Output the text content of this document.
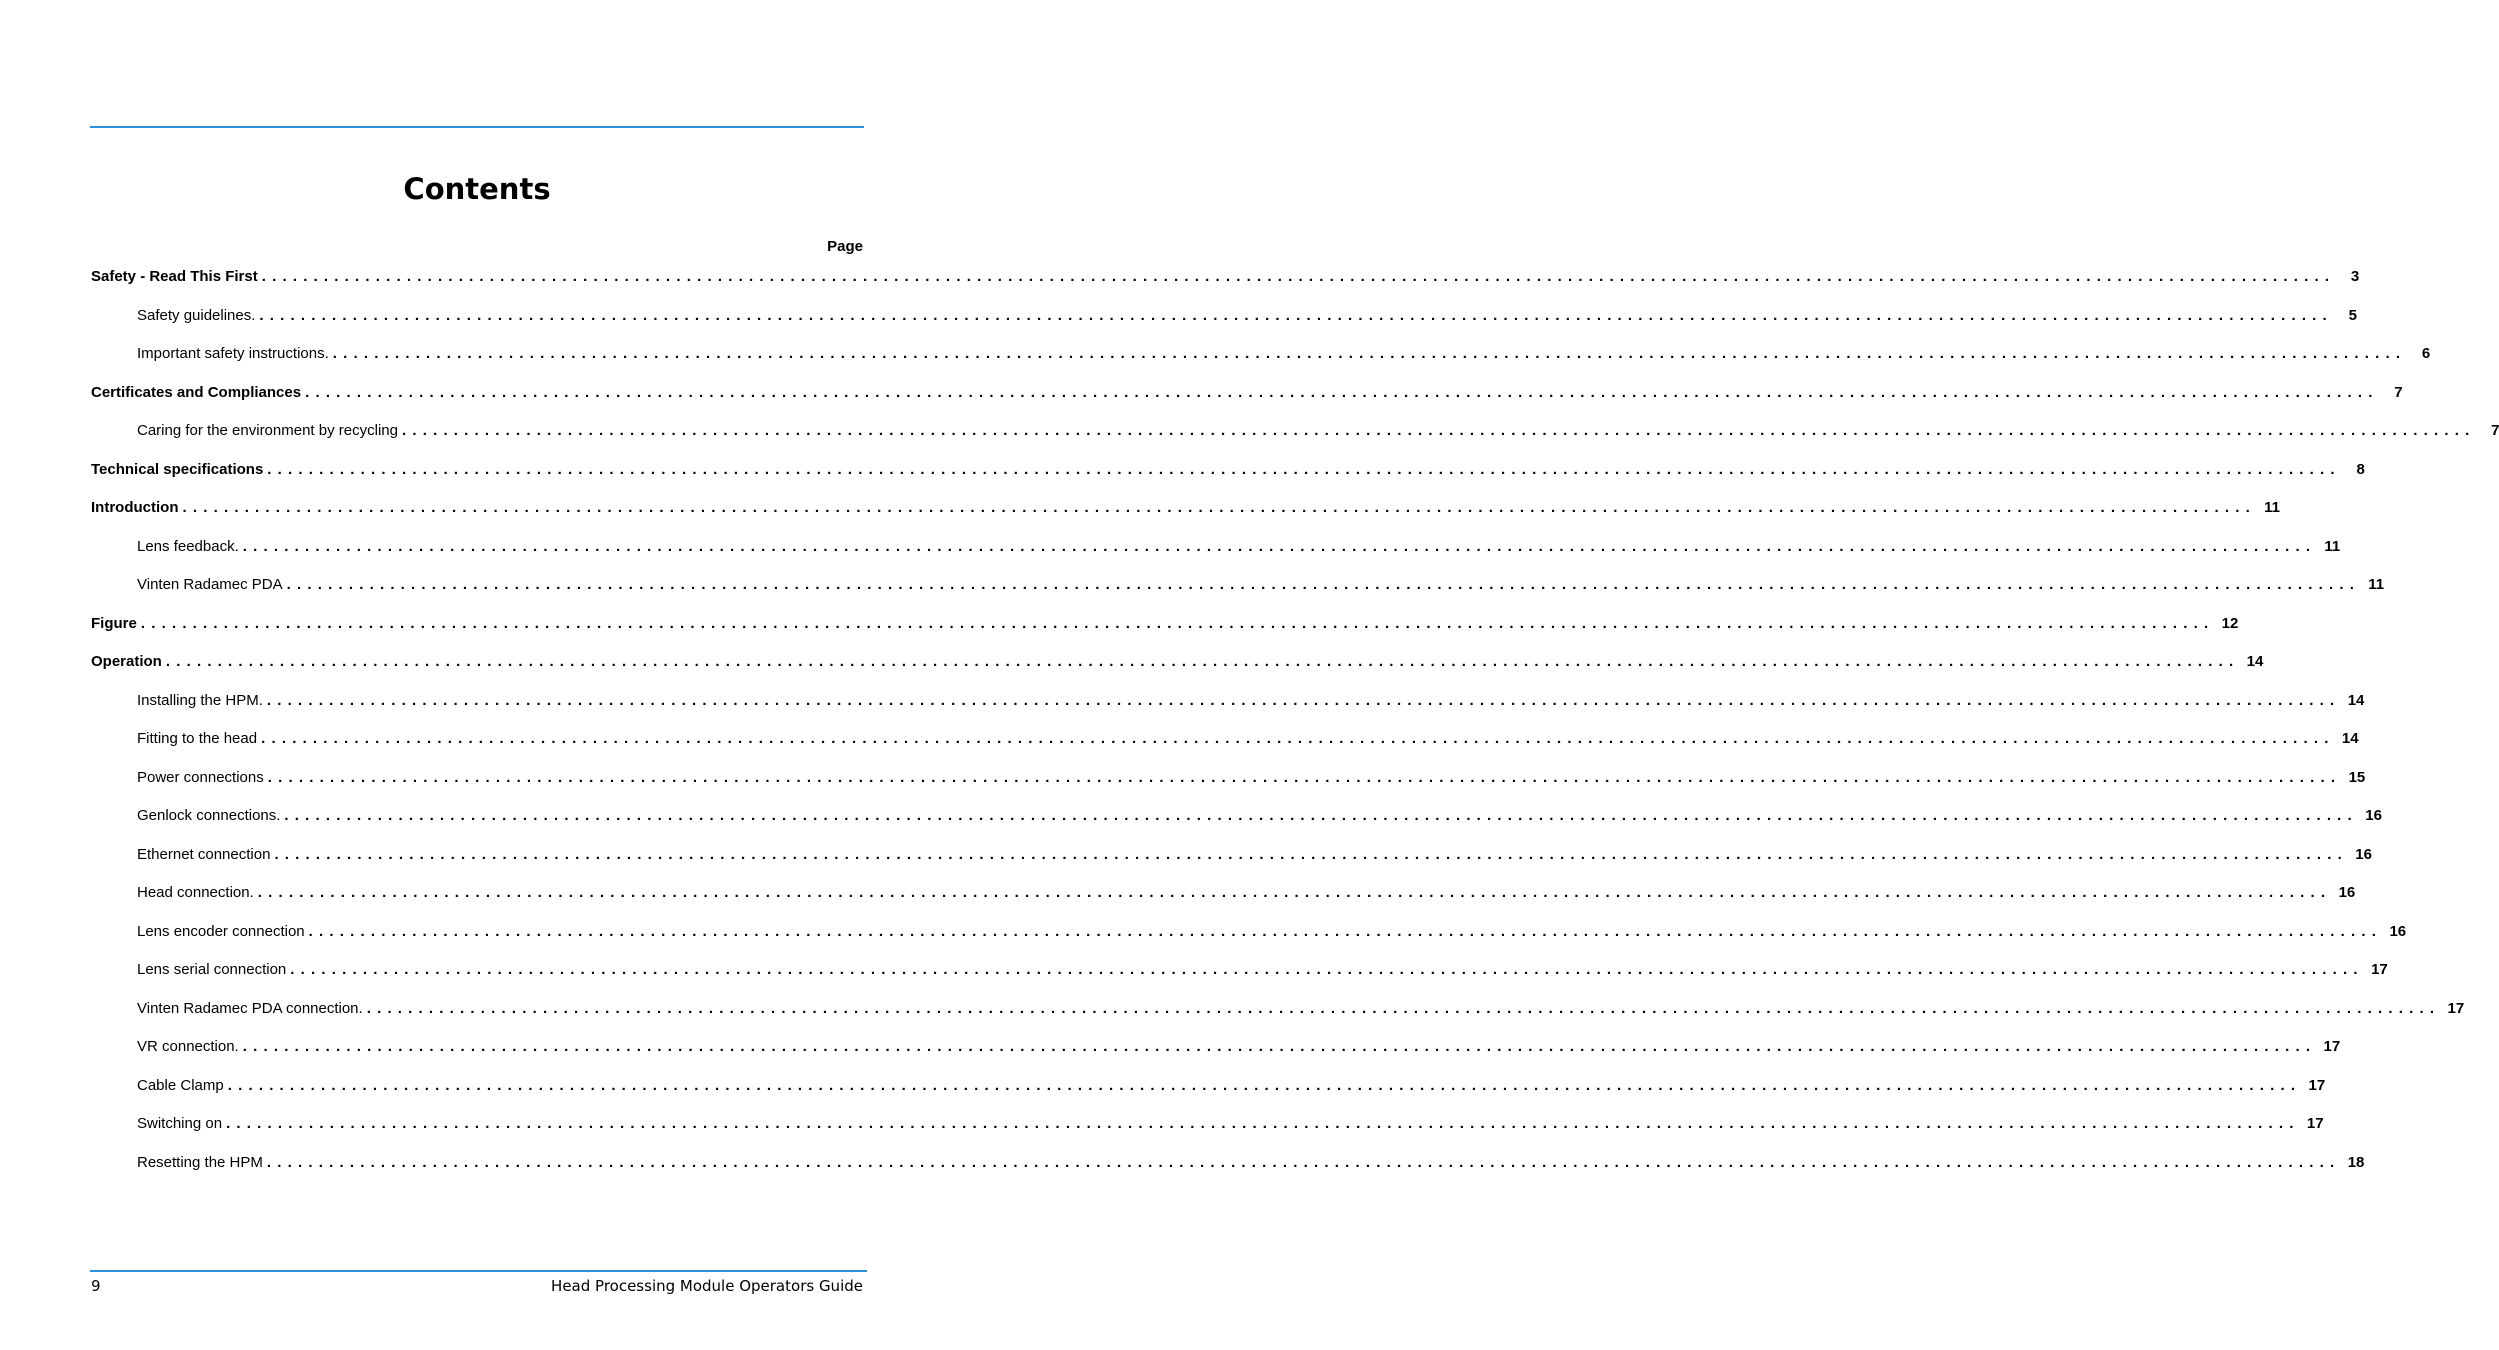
Contents
Page
Safety - Read This First ........................................................................................................................................................................................................	3
Safety guidelines. ........................................................................................................................................................................................................	5
Important safety instructions. ........................................................................................................................................................................................................	6
Certificates and Compliances ........................................................................................................................................................................................................	7
Caring for the environment by recycling ........................................................................................................................................................................................................	7
Technical specifications ........................................................................................................................................................................................................	8
Introduction ........................................................................................................................................................................................................ 11
Lens feedback. ........................................................................................................................................................................................................ 11
Vinten Radamec PDA ........................................................................................................................................................................................................ 11
Figure ........................................................................................................................................................................................................ 12
Operation ........................................................................................................................................................................................................ 14
Installing the HPM. ........................................................................................................................................................................................................ 14
Fitting to the head ........................................................................................................................................................................................................ 14
Power connections ........................................................................................................................................................................................................ 15
Genlock connections. ........................................................................................................................................................................................................ 16
Ethernet connection ........................................................................................................................................................................................................ 16
Head connection. ........................................................................................................................................................................................................ 16
Lens encoder connection ........................................................................................................................................................................................................ 16
Lens serial connection ........................................................................................................................................................................................................ 17
Vinten Radamec PDA connection. ........................................................................................................................................................................................................ 17
VR connection. ........................................................................................................................................................................................................ 17
Cable Clamp ........................................................................................................................................................................................................ 17
Switching on ........................................................................................................................................................................................................ 17
Resetting the HPM ........................................................................................................................................................................................................ 18
9	Head Processing Module Operators Guide
